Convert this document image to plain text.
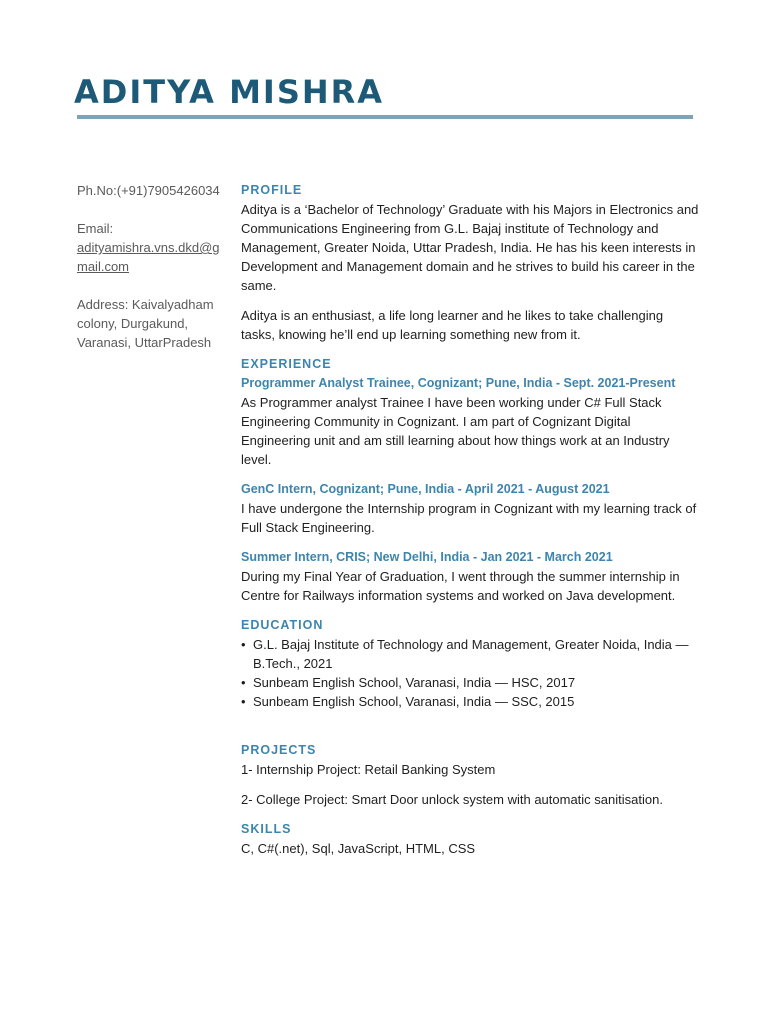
ADITYA MISHRA
Ph.No:(+91)7905426034
Email:
adityamishra.vns.dkd@gmail.com
Address: Kaivalyadham colony, Durgakund, Varanasi, UttarPradesh
PROFILE

Aditya is a ‘Bachelor of Technology’ Graduate with his Majors in Electronics and Communications Engineering from G.L. Bajaj institute of Technology and Management, Greater Noida, Uttar Pradesh, India. He has his keen interests in Development and Management domain and he strives to build his career in the same.

Aditya is an enthusiast, a life long learner and he likes to take challenging tasks, knowing he’ll end up learning something new from it.

EXPERIENCE
Programmer Analyst Trainee, Cognizant; Pune, India - Sept. 2021-Present
As Programmer analyst Trainee I have been working under C# Full Stack Engineering Community in Cognizant. I am part of Cognizant Digital Engineering unit and am still learning about how things work at an Industry level.
GenC Intern, Cognizant; Pune, India - April 2021 - August 2021
I have undergone the Internship program in Cognizant with my learning track of Full Stack Engineering.
Summer Intern, CRIS; New Delhi, India - Jan 2021 - March 2021
During my Final Year of Graduation, I went through the summer internship in Centre for Railways information systems and worked on Java development.
EDUCATION
• G.L. Bajaj Institute of Technology and Management, Greater Noida, India — B.Tech., 2021
• Sunbeam English School, Varanasi, India — HSC, 2017
• Sunbeam English School, Varanasi, India — SSC, 2015
PROJECTS

1- Internship Project: Retail Banking System

2- College Project: Smart Door unlock system with automatic sanitisation.

SKILLS

C, C#(.net), Sql, JavaScript, HTML, CSS
